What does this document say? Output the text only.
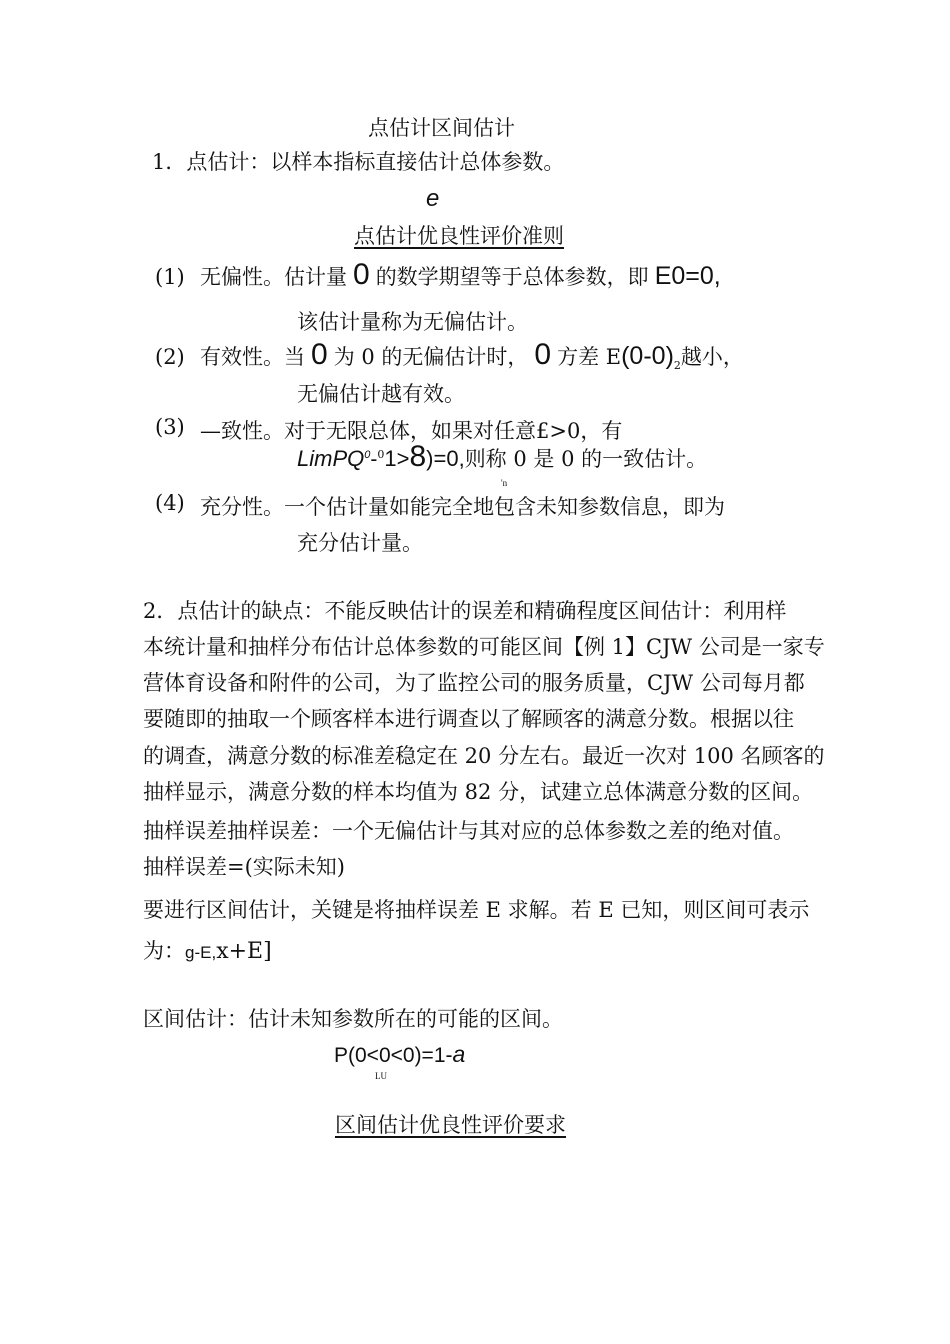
点估计区间估计
1．点估计：以样本指标直接估计总体参数。
e
点估计优良性评价准则
(1) 无偏性。估计量 0 的数学期望等于总体参数，即 E0=0,
该估计量称为无偏估计。
(2) 有效性。当 0 为 0 的无偏估计时， 0 方差 $E(0-0)_2$越小，
无偏估计越有效。
(3) —致性。对于无限总体，如果对任意£>0，有
LimPQ$^0$-$^0$1>8)=0,则称 0 是 0 的一致估计。
'n
(4) 充分性。一个估计量如能完全地包含未知参数信息，即为
充分估计量。
2．点估计的缺点：不能反映估计的误差和精确程度区间估计：利用样
本统计量和抽样分布估计总体参数的可能区间【例 1】CJW 公司是一家专
营体育设备和附件的公司，为了监控公司的服务质量，CJW 公司每月都
要随即的抽取一个顾客样本进行调查以了解顾客的满意分数。根据以往
的调查，满意分数的标准差稳定在 20 分左右。最近一次对 100 名顾客的
抽样显示，满意分数的样本均值为 82 分，试建立总体满意分数的区间。
抽样误差抽样误差：一个无偏估计与其对应的总体参数之差的绝对值。
抽样误差=(实际未知)
要进行区间估计，关键是将抽样误差 E 求解。若 E 已知，则区间可表示
为：g-E,x+E]
区间估计：估计未知参数所在的可能的区间。
P(0<0<0)=1-a
LU
区间估计优良性评价要求
